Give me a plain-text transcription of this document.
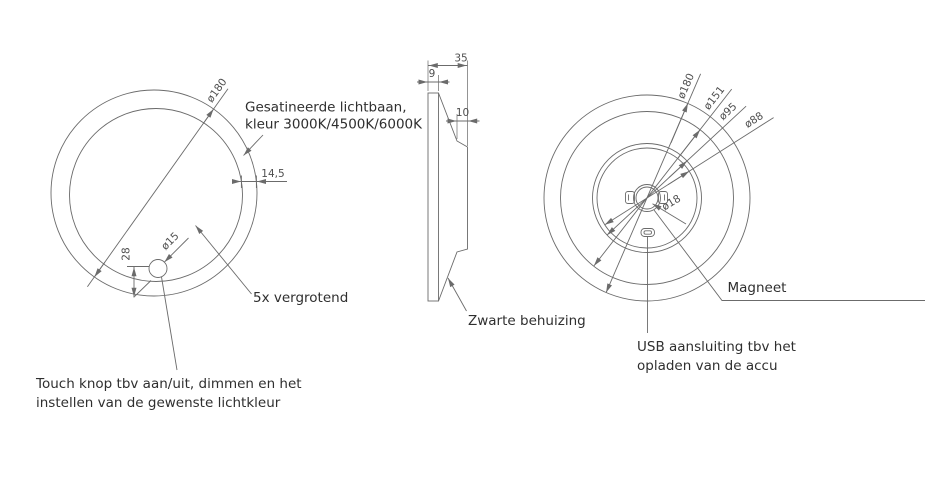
ø180
ø15
28
14,5
Gesatineerde lichtbaan,
kleur 3000K/4500K/6000K
5x vergrotend
Touch knop tbv aan/uit, dimmen en het
instellen van de gewenste lichtkleur
35
9
10
Zwarte behuizing
ø180 ø151
ø95 ø88
ø18
USB aansluiting tbv het
opladen van de accu
Magneet
